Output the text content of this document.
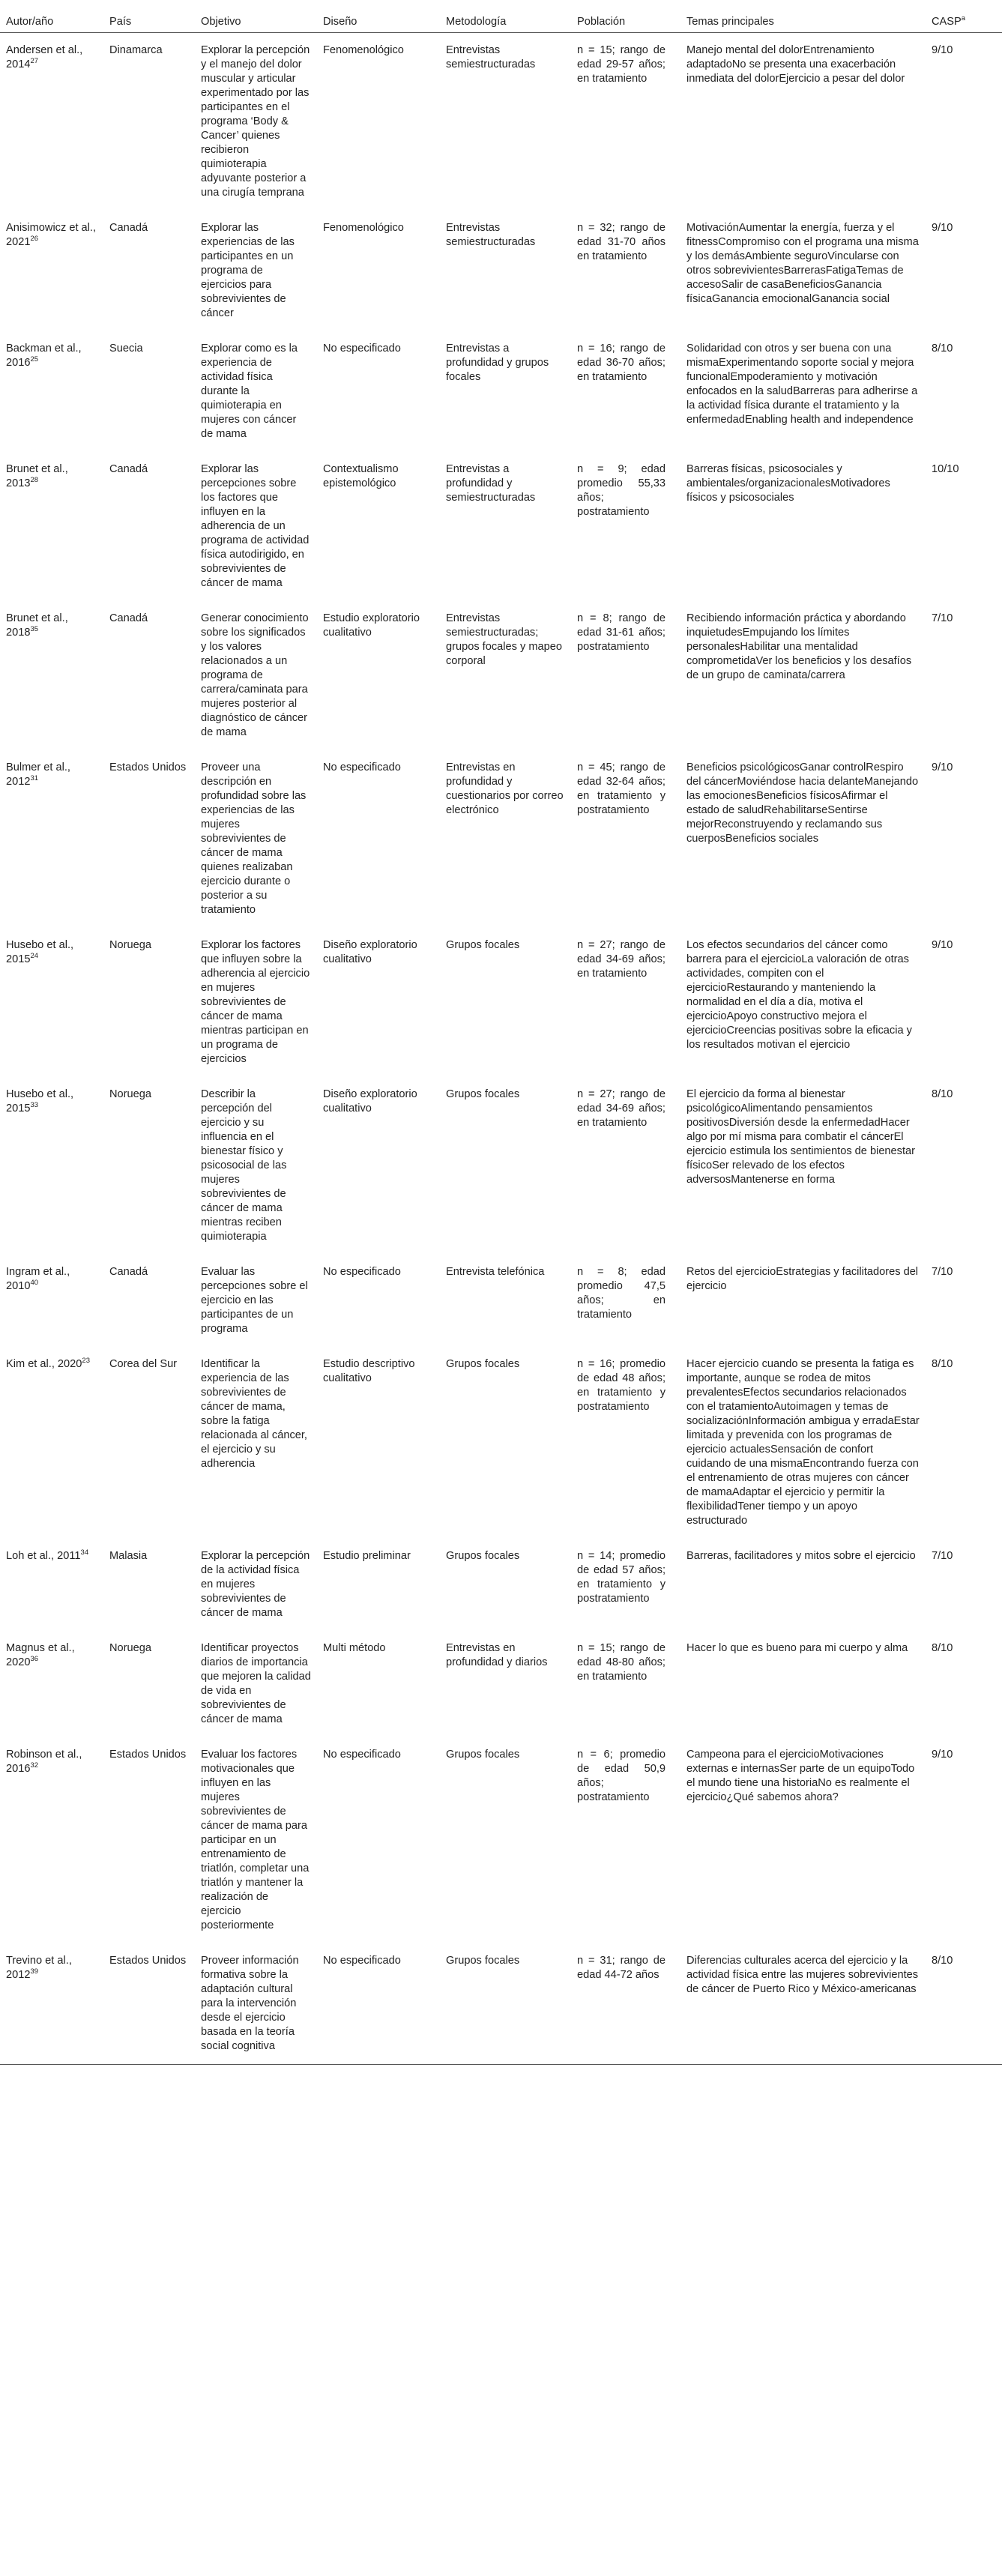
Autor/año	País	Objetivo	Diseño	Metodología	Población	Temas principales	CASP$^a$
Andersen et al., 2014$^{27}$	Dinamarca	Explorar la percepción y el manejo del dolor muscular y articular experimentado por las participantes en el programa ‘Body & Cancer’ quienes recibieron quimioterapia adyuvante posterior a una cirugía temprana	Fenomenológico	Entrevistas semiestructuradas	n = 15; rango de edad 29-57 años; en tratamiento	Manejo mental del dolorEntrenamiento adaptadoNo se presenta una exacerbación inmediata del dolorEjercicio a pesar del dolor	9/10
Anisimowicz et al., 2021$^{26}$	Canadá	Explorar las experiencias de las participantes en un programa de ejercicios para sobrevivientes de cáncer	Fenomenológico	Entrevistas semiestructuradas	n = 32; rango de edad 31-70 años en tratamiento	MotivaciónAumentar la energía, fuerza y el fitnessCompromiso con el programa una misma y los demásAmbiente seguroVincularse con otros sobrevivientesBarrerasFatigaTemas de accesoSalir de casaBeneficiosGanancia físicaGanancia emocionalGanancia social	9/10
Backman et al., 2016$^{25}$	Suecia	Explorar como es la experiencia de actividad física durante la quimioterapia en mujeres con cáncer de mama	No especificado	Entrevistas a profundidad y grupos focales	n = 16; rango de edad 36-70 años; en tratamiento	Solidaridad con otros y ser buena con una mismaExperimentando soporte social y mejora funcionalEmpoderamiento y motivación enfocados en la saludBarreras para adherirse a la actividad física durante el tratamiento y la enfermedadEnabling health and independence	8/10
Brunet et al., 2013$^{28}$	Canadá	Explorar las percepciones sobre los factores que influyen en la adherencia de un programa de actividad física autodirigido, en sobrevivientes de cáncer de mama	Contextualismo epistemológico	Entrevistas a profundidad y semiestructuradas	n = 9; edad promedio 55,33 años; postratamiento	Barreras físicas, psicosociales y ambientales/organizacionalesMotivadores físicos y psicosociales	10/10
Brunet et al., 2018$^{35}$	Canadá	Generar conocimiento sobre los significados y los valores relacionados a un programa de carrera/caminata para mujeres posterior al diagnóstico de cáncer de mama	Estudio exploratorio cualitativo	Entrevistas semiestructuradas; grupos focales y mapeo corporal	n = 8; rango de edad 31-61 años; postratamiento	Recibiendo información práctica y abordando inquietudesEmpujando los límites personalesHabilitar una mentalidad comprometidaVer los beneficios y los desafíos de un grupo de caminata/carrera	7/10
Bulmer et al., 2012$^{31}$	Estados Unidos	Proveer una descripción en profundidad sobre las experiencias de las mujeres sobrevivientes de cáncer de mama quienes realizaban ejercicio durante o posterior a su tratamiento	No especificado	Entrevistas en profundidad y cuestionarios por correo electrónico	n = 45; rango de edad 32-64 años; en tratamiento y postratamiento	Beneficios psicológicosGanar controlRespiro del cáncerMoviéndose hacia delanteManejando las emocionesBeneficios físicosAfirmar el estado de saludRehabilitarseSentirse mejorReconstruyendo y reclamando sus cuerposBeneficios sociales	9/10
Husebo et al., 2015$^{24}$	Noruega	Explorar los factores que influyen sobre la adherencia al ejercicio en mujeres sobrevivientes de cáncer de mama mientras participan en un programa de ejercicios	Diseño exploratorio cualitativo	Grupos focales	n = 27; rango de edad 34-69 años; en tratamiento	Los efectos secundarios del cáncer como barrera para el ejercicioLa valoración de otras actividades, compiten con el ejercicioRestaurando y manteniendo la normalidad en el día a día, motiva el ejercicioApoyo constructivo mejora el ejercicioCreencias positivas sobre la eficacia y los resultados motivan el ejercicio	9/10
Husebo et al., 2015$^{33}$	Noruega	Describir la percepción del ejercicio y su influencia en el bienestar físico y psicosocial de las mujeres sobrevivientes de cáncer de mama mientras reciben quimioterapia	Diseño exploratorio cualitativo	Grupos focales	n = 27; rango de edad 34-69 años; en tratamiento	El ejercicio da forma al bienestar psicológicoAlimentando pensamientos positivosDiversión desde la enfermedadHacer algo por mí misma para combatir el cáncerEl ejercicio estimula los sentimientos de bienestar físicoSer relevado de los efectos adversosMantenerse en forma	8/10
Ingram et al., 2010$^{40}$	Canadá	Evaluar las percepciones sobre el ejercicio en las participantes de un programa	No especificado	Entrevista telefónica	n = 8; edad promedio 47,5 años; en tratamiento	Retos del ejercicioEstrategias y facilitadores del ejercicio	7/10
Kim et al., 2020$^{23}$	Corea del Sur	Identificar la experiencia de las sobrevivientes de cáncer de mama, sobre la fatiga relacionada al cáncer, el ejercicio y su adherencia	Estudio descriptivo cualitativo	Grupos focales	n = 16; promedio de edad 48 años; en tratamiento y postratamiento	Hacer ejercicio cuando se presenta la fatiga es importante, aunque se rodea de mitos prevalentesEfectos secundarios relacionados con el tratamientoAutoimagen y temas de socializaciónInformación ambigua y erradaEstar limitada y prevenida con los programas de ejercicio actualesSensación de confort cuidando de una mismaEncontrando fuerza con el entrenamiento de otras mujeres con cáncer de mamaAdaptar el ejercicio y permitir la flexibilidadTener tiempo y un apoyo estructurado	8/10
Loh et al., 2011$^{34}$	Malasia	Explorar la percepción de la actividad física en mujeres sobrevivientes de cáncer de mama	Estudio preliminar	Grupos focales	n = 14; promedio de edad 57 años; en tratamiento y postratamiento	Barreras, facilitadores y mitos sobre el ejercicio	7/10
Magnus et al., 2020$^{36}$	Noruega	Identificar proyectos diarios de importancia que mejoren la calidad de vida en sobrevivientes de cáncer de mama	Multi método	Entrevistas en profundidad y diarios	n = 15; rango de edad 48-80 años; en tratamiento	Hacer lo que es bueno para mi cuerpo y alma	8/10
Robinson et al., 2016$^{32}$	Estados Unidos	Evaluar los factores motivacionales que influyen en las mujeres sobrevivientes de cáncer de mama para participar en un entrenamiento de triatlón, completar una triatlón y mantener la realización de ejercicio posteriormente	No especificado	Grupos focales	n = 6; promedio de edad 50,9 años; postratamiento	Campeona para el ejercicioMotivaciones externas e internasSer parte de un equipoTodo el mundo tiene una historiaNo es realmente el ejercicio¿Qué sabemos ahora?	9/10
Trevino et al., 2012$^{39}$	Estados Unidos	Proveer información formativa sobre la adaptación cultural para la intervención desde el ejercicio basada en la teoría social cognitiva	No especificado	Grupos focales	n = 31; rango de edad 44-72 años	Diferencias culturales acerca del ejercicio y la actividad física entre las mujeres sobrevivientes de cáncer de Puerto Rico y México-americanas	8/10
